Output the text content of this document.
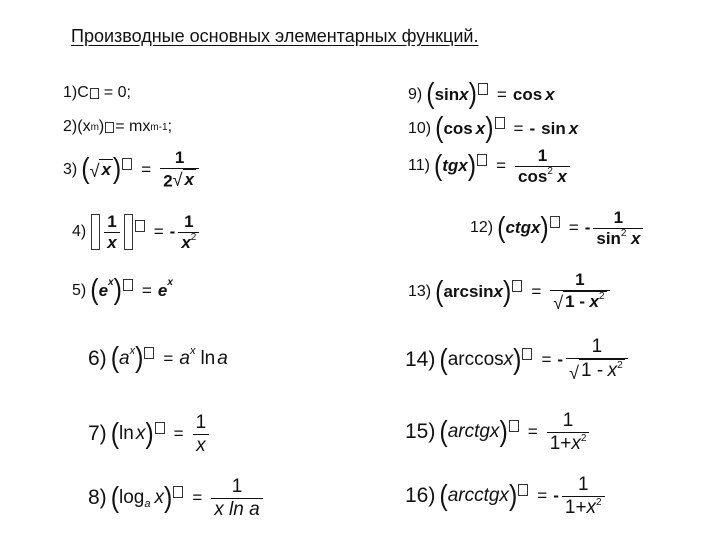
Производные основных элементарных функций.
1) C = 0;
2) (x m ) = mx m-1 ;
3) ( √ x ) = $\frac{1}{2 √ x}$
$4) \frac{1}{x}$ = - $\frac{1}{x^2}$
5) ( e x ) = e x
6) ( a x ) = a x ln a
7) ( ln x ) = $\frac{1}{x}$
8) ( log a x ) = $\frac{1}{\text{x ln a}}$
9) ( sin x ) = cos x
10) ( cos x ) = - sin x
11) ( tgx ) = $\frac{1}{\cos^2 x}$
12) ( ctgx ) = - $\frac{1}{\sin^2 x}$
13) ( arcsin x ) = $\frac{1}{√ 1 - x^2}$
14) ( arccos x ) = - $\frac{1}{√ 1 - x^2}$
15) ( arctgx ) = $\frac{1}{1+x^2}$
16) ( arcctgx ) = - $\frac{1}{1+x^2}$
